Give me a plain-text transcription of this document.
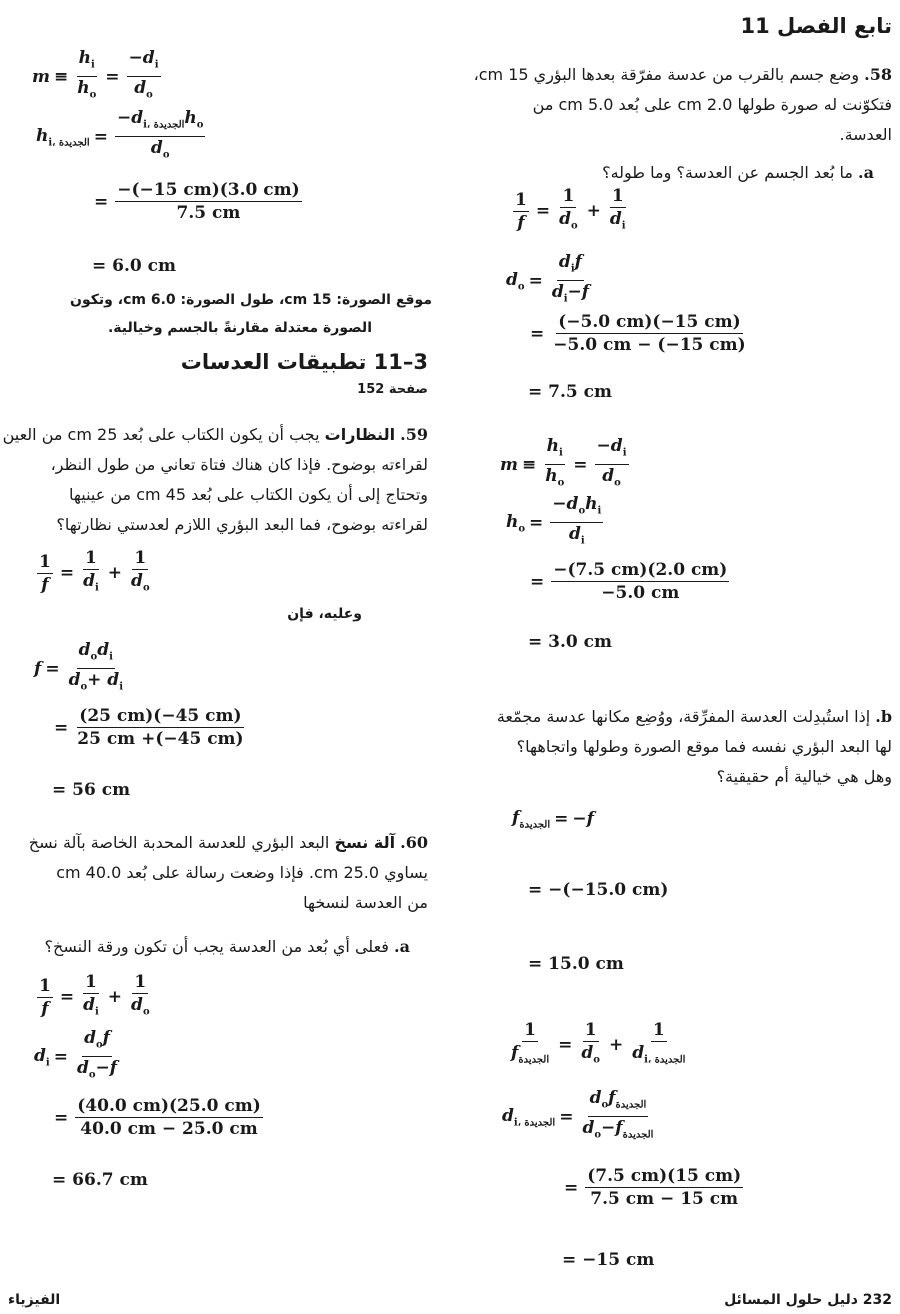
تابع الفصل 11
58. وضع جسم بالقرب من عدسة مفرّقة بعدها البؤري 15 cm،
فتكوّنت له صورة طولها 2.0 cm على بُعد 5.0 cm من
العدسة.
a. ما بُعد الجسم عن العدسة؟ وما طوله؟
$\frac{1}{f} = \frac{1}{d_o} + \frac{1}{d_i}$
$d_o = \frac{d_if}{d_i-f}$
= $\frac{(-5.0 cm)(-15 cm)}{-5.0 cm - (-15 cm)}$
= 7.5 cm
$m \equiv \frac{h_i}{h_o} = \frac{-d_i}{d_o}$
$h_o = \frac{-d_oh_i}{d_i}$
= $\frac{-(7.5 cm)(2.0 cm)}{-5.0 cm}$
= 3.0 cm
b. إذا استُبدِلت العدسة المفرِّقة، ووُضِع مكانها عدسة مجمّعة
لها البعد البؤري نفسه فما موقع الصورة وطولها واتجاهها؟
وهل هي خيالية أم حقيقية؟
$f_{الجديدة} = -f$
= −(−15.0 cm)
= 15.0 cm
$\frac{1}{f_{الجديدة}} = \frac{1}{d_o} + \frac{1}{d_{i، الجديدة}}$
$d_{i، الجديدة} = \frac{d_of_{الجديدة}}{d_o-f_{الجديدة}}$
= $\frac{(7.5 cm)(15 cm)}{7.5 cm - 15 cm}$
= −15 cm
$m \equiv \frac{h_i}{h_o} = \frac{-d_i}{d_o}$
$h_{i، الجديدة} = \frac{-d_{i، الجديدة}h_o}{d_o}$
= $\frac{-(-15 cm)(3.0 cm)}{7.5 cm}$
= 6.0 cm
موقع الصورة: 15 cm، طول الصورة: 6.0 cm، وتكون
الصورة معتدلة مقارنةً بالجسم وخيالية.
3–11 تطبيقات العدسات
صفحة 152
59. النظارات يجب أن يكون الكتاب على بُعد 25 cm من العين
لقراءته بوضوح. فإذا كان هناك فتاة تعاني من طول النظر،
وتحتاج إلى أن يكون الكتاب على بُعد 45 cm من عينيها
لقراءته بوضوح، فما البعد البؤري اللازم لعدستي نظارتها؟
$\frac{1}{f} = \frac{1}{d_i} + \frac{1}{d_o}$
وعليه، فإن
$f = \frac{d_od_i}{d_o+ d_i}$
= $\frac{(25 cm)(-45 cm)}{25 cm +(-45 cm)}$
= 56 cm
60. آلة نسخ البعد البؤري للعدسة المحدبة الخاصة بآلة نسخ
يساوي 25.0 cm. فإذا وضعت رسالة على بُعد 40.0 cm
من العدسة لنسخها
a. فعلى أي بُعد من العدسة يجب أن تكون ورقة النسخ؟
$\frac{1}{f} = \frac{1}{d_i} + \frac{1}{d_o}$
$d_i = \frac{d_of}{d_o-f}$
= $\frac{(40.0 cm)(25.0 cm)}{40.0 cm - 25.0 cm}$
= 66.7 cm
الفيزياء	232 دليل حلول المسائل
